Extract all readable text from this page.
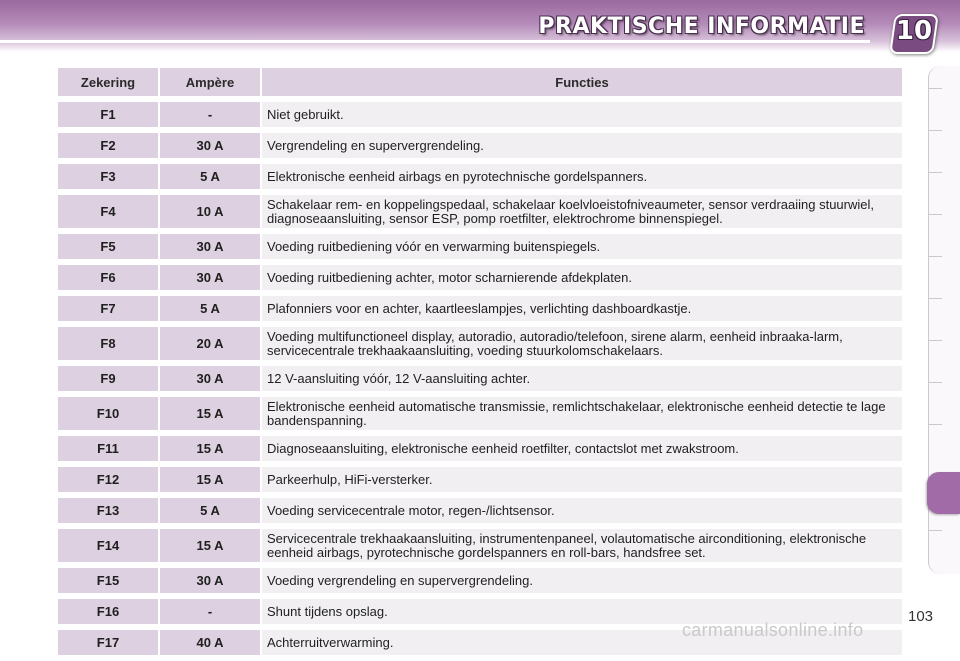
PRAKTISCHE INFORMATIE 10
Zekering	Ampère	Functies
F1	-	Niet gebruikt.
F2	30 A	Vergrendeling en supervergrendeling.
F3	5 A	Elektronische eenheid airbags en pyrotechnische gordelspanners.
F4	10 A	Schakelaar rem- en koppelingspedaal, schakelaar koelvloeistofniveaumeter, sensor verdraaiing stuurwiel, diagnoseaansluiting, sensor ESP, pomp roetfilter, elektrochrome binnenspiegel.
F5	30 A	Voeding ruitbediening vóór en verwarming buitenspiegels.
F6	30 A	Voeding ruitbediening achter, motor scharnierende afdekplaten.
F7	5 A	Plafonniers voor en achter, kaartleeslampjes, verlichting dashboardkastje.
F8	20 A	Voeding multifunctioneel display, autoradio, autoradio/telefoon, sirene alarm, eenheid inbraaka-larm, servicecentrale trekhaakaansluiting, voeding stuurkolomschakelaars.
F9	30 A	12 V-aansluiting vóór, 12 V-aansluiting achter.
F10	15 A	Elektronische eenheid automatische transmissie, remlichtschakelaar, elektronische eenheid detectie te lage bandenspanning.
F11	15 A	Diagnoseaansluiting, elektronische eenheid roetfilter, contactslot met zwakstroom.
F12	15 A	Parkeerhulp, HiFi-versterker.
F13	5 A	Voeding servicecentrale motor, regen-/lichtsensor.
F14	15 A	Servicecentrale trekhaakaansluiting, instrumentenpaneel, volautomatische airconditioning, elektronische eenheid airbags, pyrotechnische gordelspanners en roll-bars, handsfree set.
F15	30 A	Voeding vergrendeling en supervergrendeling.
F16	-	Shunt tijdens opslag.
F17	40 A	Achterruitverwarming.
103
carmanualsonline.info
